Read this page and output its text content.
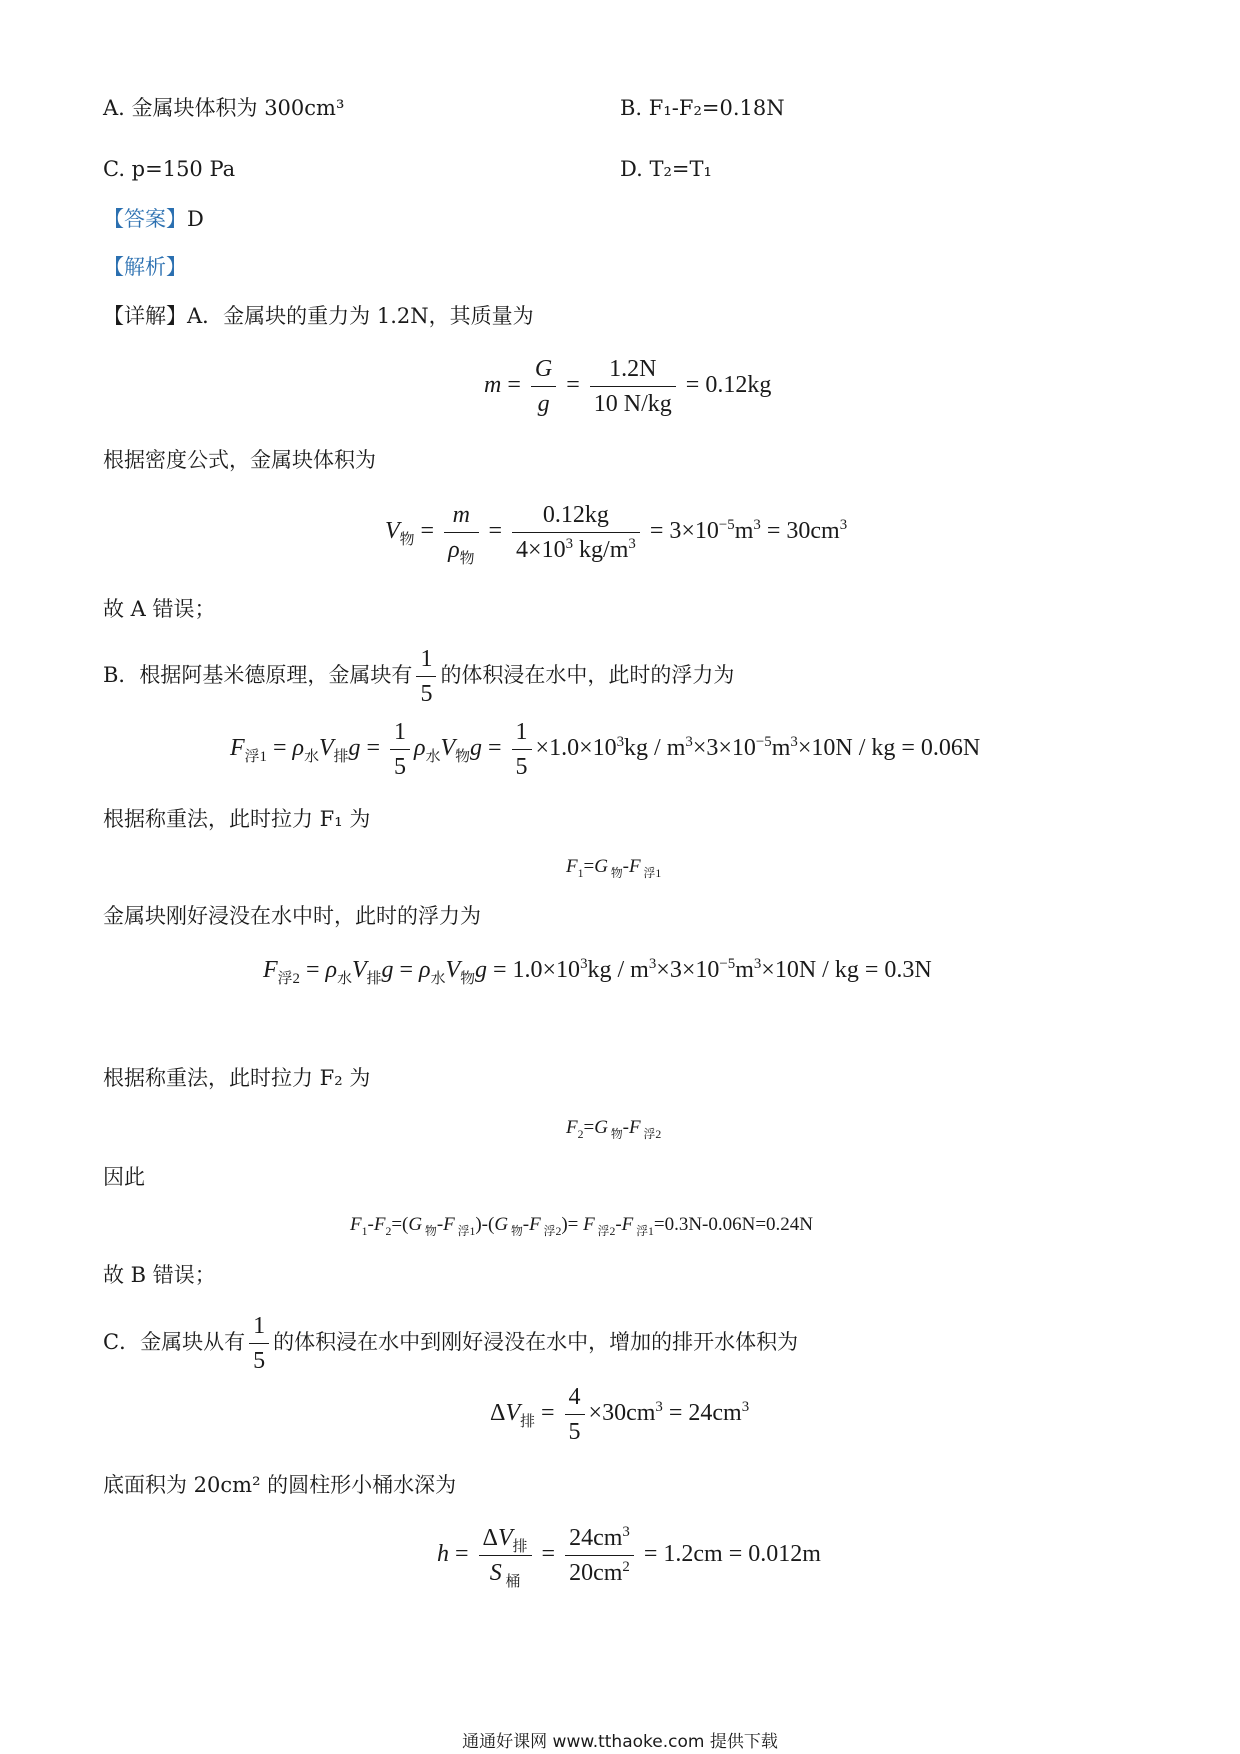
A. 金属块体积为 300cm³	B. F₁-F₂=0.18N
C. p=150 Pa	D. T₂=T₁
【答案】D
【解析】
【详解】A．金属块的重力为 1.2N，其质量为
$m = \frac{G}{g} = \frac{1.2N}{10 N/kg} = 0.12kg$
根据密度公式，金属块体积为
$V_物 = \frac{m}{\rho_物} = \frac{0.12kg}{4\times 10^3 kg/m^3} = 3\times 10^{-5}m^3 = 30cm^3$
故 A 错误；
B．根据阿基米德原理，金属块有 $\frac{1}{5}$ 的体积浸在水中，此时的浮力为
$F_{浮1} = \rho_水V_排g = \frac{1}{5} \rho_水V_物g = \frac{1}{5} \times 1.0\times 10^3kg / m^3\times 3\times 10^{-5}m^3\times 10N$ / kg = 0.06N
根据称重法，此时拉力 F₁ 为
$F_1=G$ $_物$-F $_{浮1}$
金属块刚好浸没在水中时，此时的浮力为
$F_{浮2} = \rho_水V_排g = \rho_水V_物g = 1.0\times 10^3kg / m^3\times 3\times 10^{-5}m^3\times 10N$ / kg = 0.3N
根据称重法，此时拉力 F₂ 为
$F_2=G$ $_物$-F $_{浮2}$
因此
$F_1-F_2=(G$ $_物$-F $_{浮1}$)-(G $_物$-F $_{浮2}$)= F $_{浮2}$-F $_{浮1}$=0.3N-0.06N=0.24N
故 B 错误；
C．金属块从有 $\frac{1}{5}$ 的体积浸在水中到刚好浸没在水中，增加的排开水体积为
$\Delta V_排 = \frac{4}{5} \times 30cm^3 = 24cm^3$
底面积为 20cm² 的圆柱形小桶水深为
$h = \frac{\Delta V_排}{S _桶} = \frac{24cm^3}{20cm^2} = 1.2cm = 0.012m$
通通好课网 www.tthaoke.com 提供下载
